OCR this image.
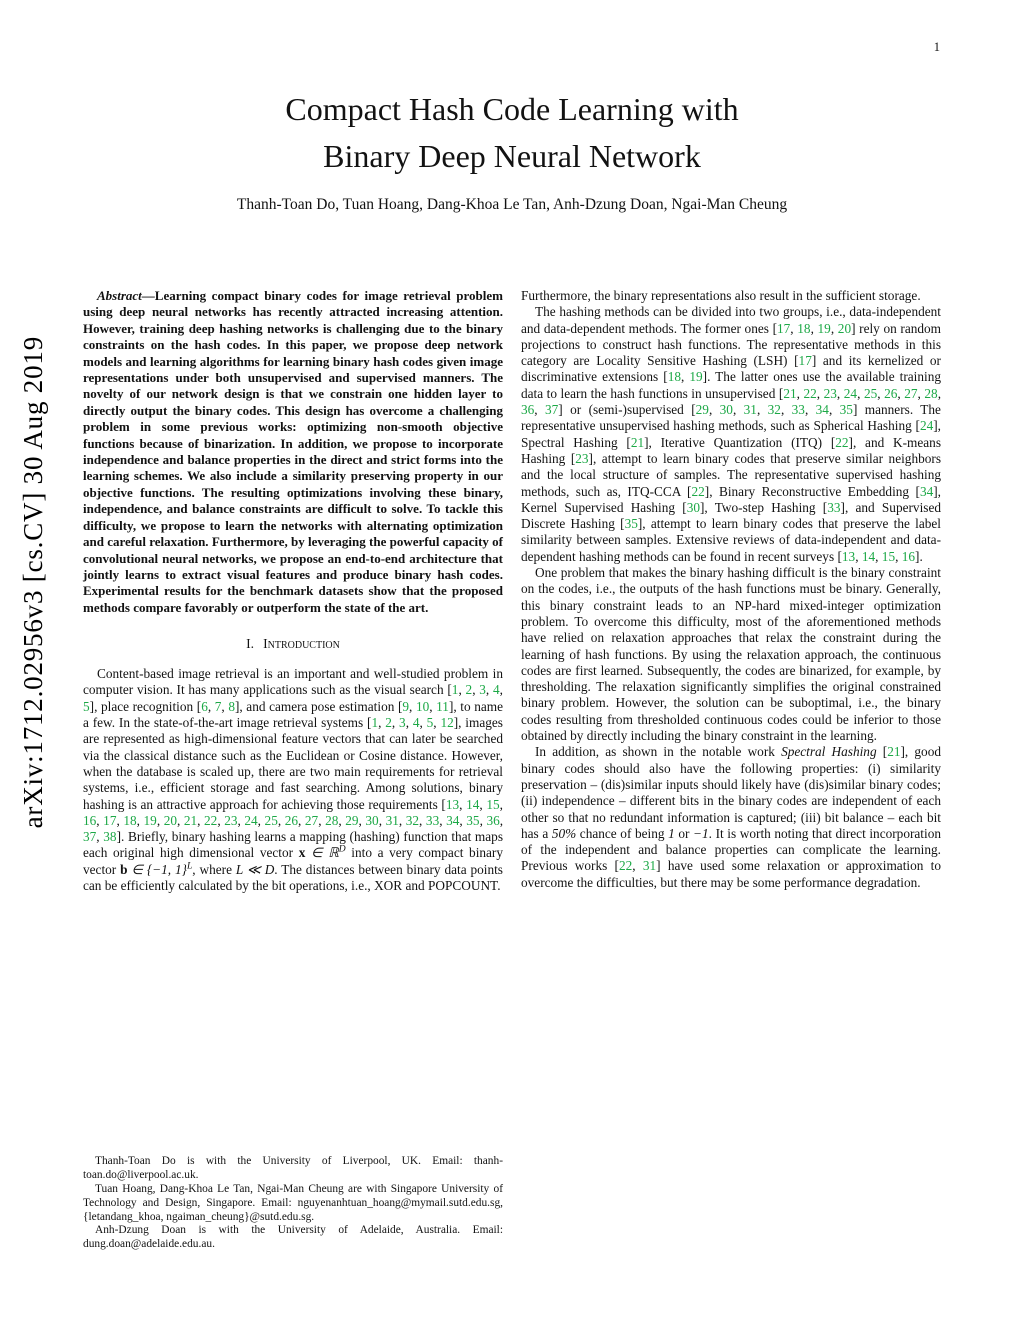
1
arXiv:1712.02956v3 [cs.CV] 30 Aug 2019
Compact Hash Code Learning with
Binary Deep Neural Network
Thanh-Toan Do, Tuan Hoang, Dang-Khoa Le Tan, Anh-Dzung Doan, Ngai-Man Cheung

Abstract—Learning compact binary codes for image retrieval problem using deep neural networks has recently attracted increasing attention. However, training deep hashing networks is challenging due to the binary constraints on the hash codes. In this paper, we propose deep network models and learning algorithms for learning binary hash codes given image representations under both unsupervised and supervised manners. The novelty of our network design is that we constrain one hidden layer to directly output the binary codes. This design has overcome a challenging problem in some previous works: optimizing non-smooth objective functions because of binarization. In addition, we propose to incorporate independence and balance properties in the direct and strict forms into the learning schemes. We also include a similarity preserving property in our objective functions. The resulting optimizations involving these binary, independence, and balance constraints are difficult to solve. To tackle this difficulty, we propose to learn the networks with alternating optimization and careful relaxation. Furthermore, by leveraging the powerful capacity of convolutional neural networks, we propose an end-to-end architecture that jointly learns to extract visual features and produce binary hash codes. Experimental results for the benchmark datasets show that the proposed methods compare favorably or outperform the state of the art.

I. Introduction

Content-based image retrieval is an important and well-studied problem in computer vision. It has many applications such as the visual search [1, 2, 3, 4, 5], place recognition [6, 7, 8], and camera pose estimation [9, 10, 11], to name a few. In the state-of-the-art image retrieval systems [1, 2, 3, 4, 5, 12], images are represented as high-dimensional feature vectors that can later be searched via the classical distance such as the Euclidean or Cosine distance. However, when the database is scaled up, there are two main requirements for retrieval systems, i.e., efficient storage and fast searching. Among solutions, binary hashing is an attractive approach for achieving those requirements [13, 14, 15, 16, 17, 18, 19, 20, 21, 22, 23, 24, 25, 26, 27, 28, 29, 30, 31, 32, 33, 34, 35, 36, 37, 38]. Briefly, binary hashing learns a mapping (hashing) function that maps each original high dimensional vector x ∈ ℝ$^D$ into a very compact binary vector b ∈ {−1, 1}$^L$, where L ≪ D. The distances between binary data points can be efficiently calculated by the bit operations, i.e., XOR and POPCOUNT.

Thanh-Toan Do is with the University of Liverpool, UK. Email: thanh-toan.do@liverpool.ac.uk.

Tuan Hoang, Dang-Khoa Le Tan, Ngai-Man Cheung are with Singapore University of Technology and Design, Singapore. Email: nguyenanhtuan_hoang@mymail.sutd.edu.sg, {letandang_khoa, ngaiman_cheung}@sutd.edu.sg.

Anh-Dzung Doan is with the University of Adelaide, Australia. Email: dung.doan@adelaide.edu.au.

Furthermore, the binary representations also result in the sufficient storage.

The hashing methods can be divided into two groups, i.e., data-independent and data-dependent methods. The former ones [17, 18, 19, 20] rely on random projections to construct hash functions. The representative methods in this category are Locality Sensitive Hashing (LSH) [17] and its kernelized or discriminative extensions [18, 19]. The latter ones use the available training data to learn the hash functions in unsupervised [21, 22, 23, 24, 25, 26, 27, 28, 36, 37] or (semi-)supervised [29, 30, 31, 32, 33, 34, 35] manners. The representative unsupervised hashing methods, such as Spherical Hashing [24], Spectral Hashing [21], Iterative Quantization (ITQ) [22], and K-means Hashing [23], attempt to learn binary codes that preserve similar neighbors and the local structure of samples. The representative supervised hashing methods, such as, ITQ-CCA [22], Binary Reconstructive Embedding [34], Kernel Supervised Hashing [30], Two-step Hashing [33], and Supervised Discrete Hashing [35], attempt to learn binary codes that preserve the label similarity between samples. Extensive reviews of data-independent and data-dependent hashing methods can be found in recent surveys [13, 14, 15, 16].

One problem that makes the binary hashing difficult is the binary constraint on the codes, i.e., the outputs of the hash functions must be binary. Generally, this binary constraint leads to an NP-hard mixed-integer optimization problem. To overcome this difficulty, most of the aforementioned methods have relied on relaxation approaches that relax the constraint during the learning of hash functions. By using the relaxation approach, the continuous codes are first learned. Subsequently, the codes are binarized, for example, by thresholding. The relaxation significantly simplifies the original constrained binary problem. However, the solution can be suboptimal, i.e., the binary codes resulting from thresholded continuous codes could be inferior to those obtained by directly including the binary constraint in the learning.

In addition, as shown in the notable work Spectral Hashing [21], good binary codes should also have the following properties: (i) similarity preservation – (dis)similar inputs should likely have (dis)similar binary codes; (ii) independence – different bits in the binary codes are independent of each other so that no redundant information is captured; (iii) bit balance – each bit has a 50% chance of being 1 or −1. It is worth noting that direct incorporation of the independent and balance properties can complicate the learning. Previous works [22, 31] have used some relaxation or approximation to overcome the difficulties, but there may be some performance degradation.
